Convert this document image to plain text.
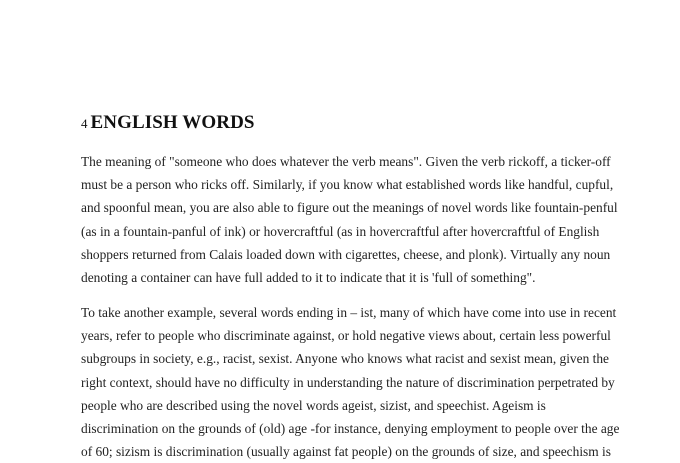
4 ENGLISH WORDS

The meaning of "someone who does whatever the verb means". Given the verb rickoff, a ticker-off
must be a person who ricks off. Similarly, if you know what established words like handful, cupful,
and spoonful mean, you are also able to figure out the meanings of novel words like fountain-penful
(as in a fountain-panful of ink) or hovercraftful (as in hovercraftful after hovercraftful of English
shoppers returned from Calais loaded down with cigarettes, cheese, and plonk). Virtually any noun
denoting a container can have full added to it to indicate that it is 'full of something".

To take another example, several words ending in – ist, many of which have come into use in recent
years, refer to people who discriminate against, or hold negative views about, certain less powerful
subgroups in society, e.g., racist, sexist. Anyone who knows what racist and sexist mean, given the
right context, should have no difficulty in understanding the nature of discrimination perpetrated by
people who are described using the novel words ageist, sizist, and speechist. Ageism is
discrimination on the grounds of (old) age -for instance, denying employment to people over the age
of 60; sizism is discrimination (usually against fat people) on the grounds of size, and speechism is
